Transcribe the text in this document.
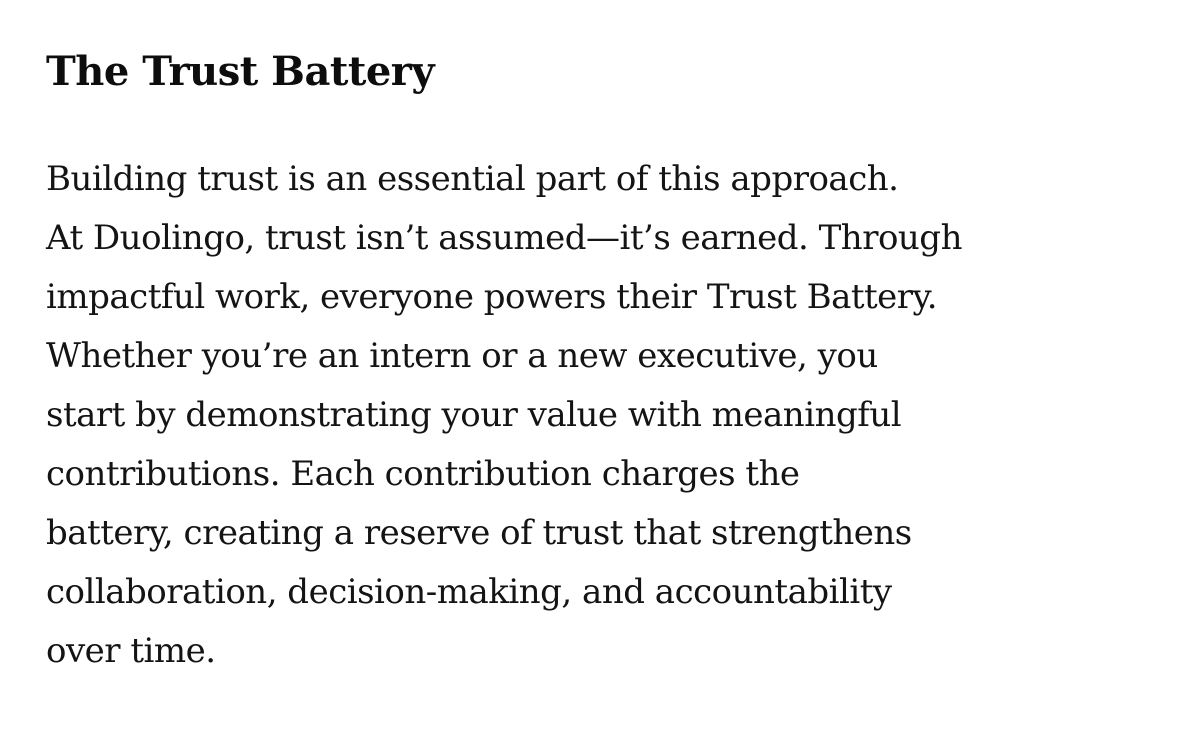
The Trust Battery
Building trust is an essential part of this approach.
At Duolingo, trust isn’t assumed—it’s earned. Through
impactful work, everyone powers their Trust Battery.
Whether you’re an intern or a new executive, you
start by demonstrating your value with meaningful
contributions. Each contribution charges the
battery, creating a reserve of trust that strengthens
collaboration, decision-making, and accountability
over time.
